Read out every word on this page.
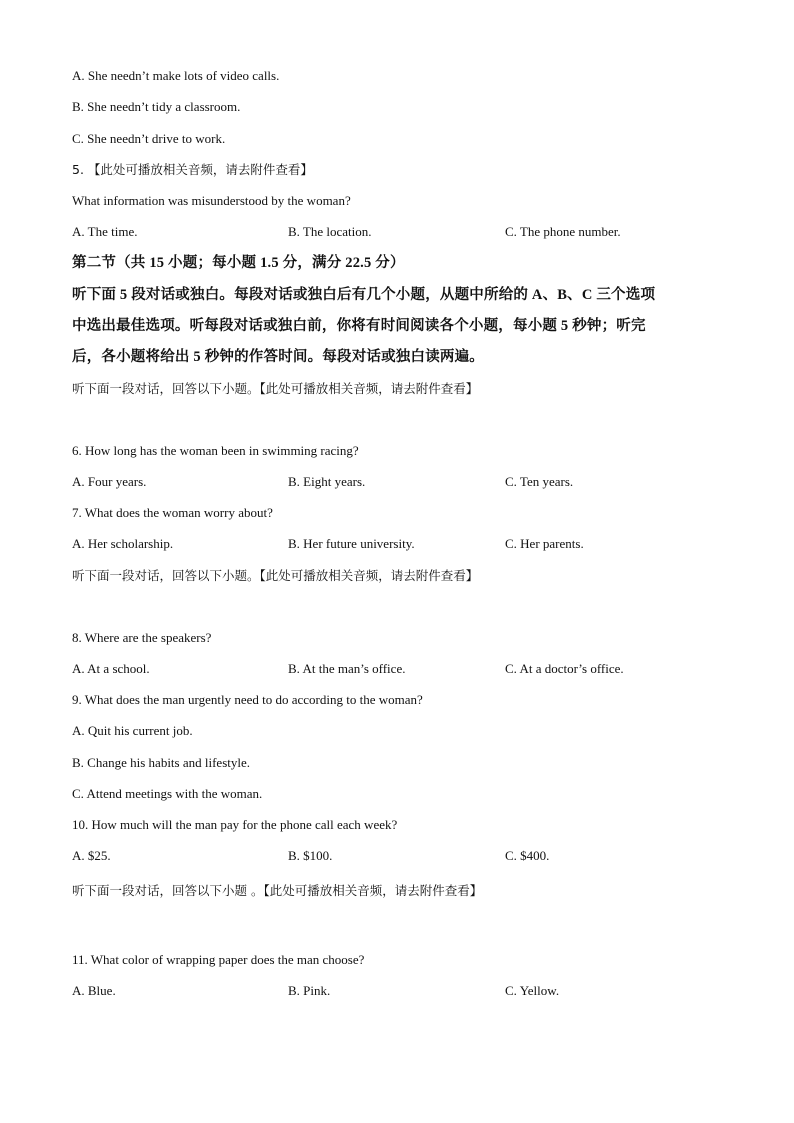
A. She needn’t make lots of video calls.
B. She needn’t tidy a classroom.
C. She needn’t drive to work.
5. 【此处可播放相关音频，请去附件查看】
What information was misunderstood by the woman?
A. The time.	B. The location.	C. The phone number.
第二节（共 15 小题；每小题 1.5 分，满分 22.5 分）
听下面 5 段对话或独白。每段对话或独白后有几个小题，从题中所给的 A、B、C 三个选项
中选出最佳选项。听每段对话或独白前，你将有时间阅读各个小题，每小题 5 秒钟；听完
后，各小题将给出 5 秒钟的作答时间。每段对话或独白读两遍。
听下面一段对话，回答以下小题。【此处可播放相关音频，请去附件查看】
6. How long has the woman been in swimming racing?
A. Four years.	B. Eight years.	C. Ten years.
7. What does the woman worry about?
A. Her scholarship.	B. Her future university.	C. Her parents.
听下面一段对话，回答以下小题。【此处可播放相关音频，请去附件查看】
8. Where are the speakers?
A. At a school.	B. At the man’s office.	C. At a doctor’s office.
9. What does the man urgently need to do according to the woman?
A. Quit his current job.
B. Change his habits and lifestyle.
C. Attend meetings with the woman.
10. How much will the man pay for the phone call each week?
A. $25.	B. $100.	C. $400.
听下面一段对话，回答以下小题 。【此处可播放相关音频，请去附件查看】
11. What color of wrapping paper does the man choose?
A. Blue.	B. Pink.	C. Yellow.
